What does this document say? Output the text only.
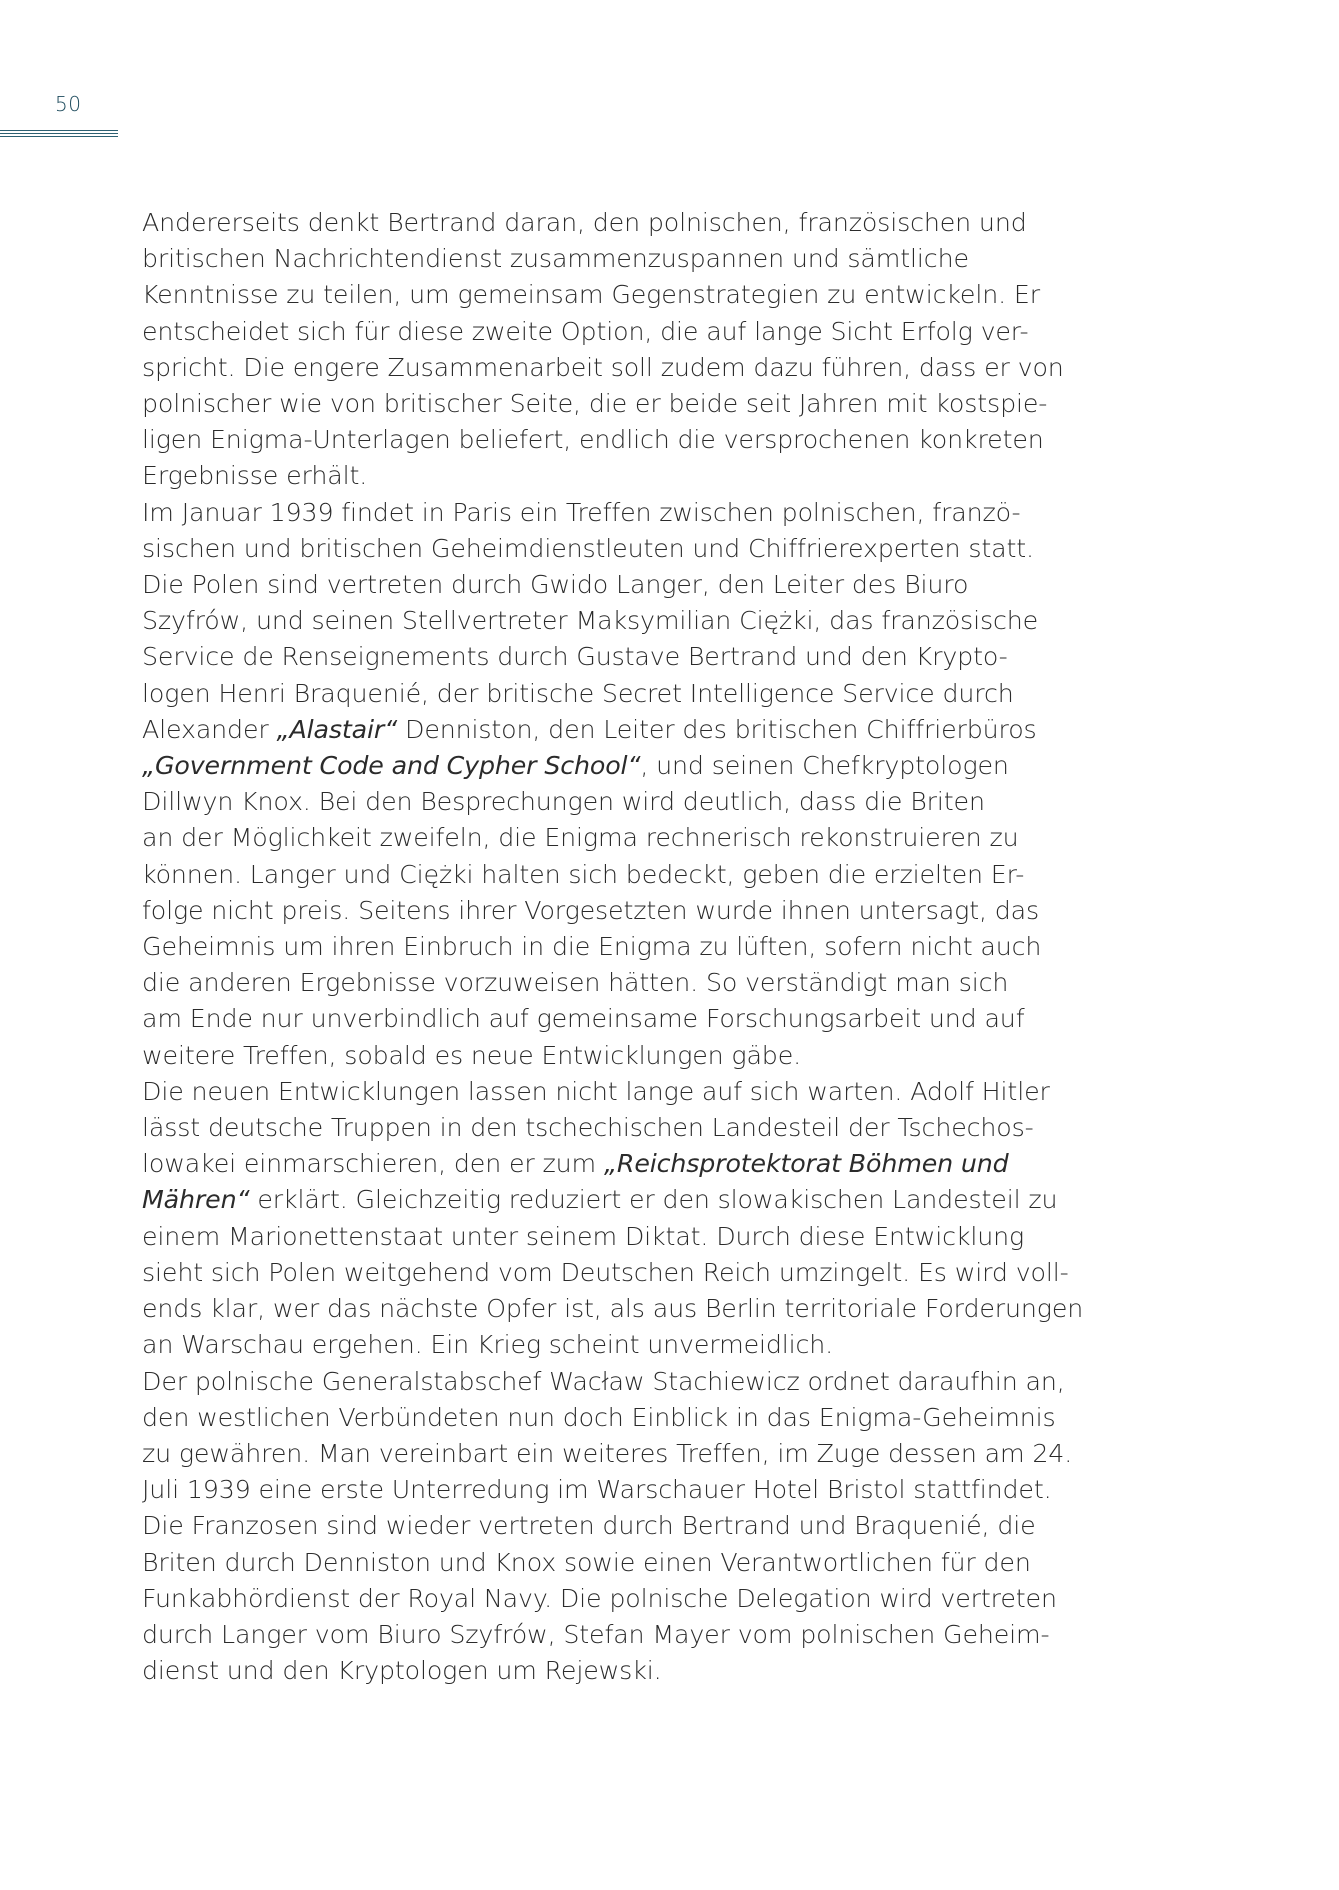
50
Andererseits denkt Bertrand daran, den polnischen, französischen und
britischen Nachrichtendienst zusammenzuspannen und sämtliche
Kenntnisse zu teilen, um gemeinsam Gegenstrategien zu entwickeln. Er
entscheidet sich für diese zweite Option, die auf lange Sicht Erfolg ver-
spricht. Die engere Zusammenarbeit soll zudem dazu führen, dass er von
polnischer wie von britischer Seite, die er beide seit Jahren mit kostspie-
ligen Enigma-Unterlagen beliefert, endlich die versprochenen konkreten
Ergebnisse erhält.
Im Januar 1939 findet in Paris ein Treffen zwischen polnischen, franzö-
sischen und britischen Geheimdienstleuten und Chiffrierexperten statt.
Die Polen sind vertreten durch Gwido Langer, den Leiter des Biuro
Szyfrów, und seinen Stellvertreter Maksymilian Ciężki, das französische
Service de Renseignements durch Gustave Bertrand und den Krypto-
logen Henri Braquenié, der britische Secret Intelligence Service durch
Alexander „Alastair“ Denniston, den Leiter des britischen Chiffrierbüros
„Government Code and Cypher School“, und seinen Chefkryptologen
Dillwyn Knox. Bei den Besprechungen wird deutlich, dass die Briten
an der Möglichkeit zweifeln, die Enigma rechnerisch rekonstruieren zu
können. Langer und Ciężki halten sich bedeckt, geben die erzielten Er-
folge nicht preis. Seitens ihrer Vorgesetzten wurde ihnen untersagt, das
Geheimnis um ihren Einbruch in die Enigma zu lüften, sofern nicht auch
die anderen Ergebnisse vorzuweisen hätten. So verständigt man sich
am Ende nur unverbindlich auf gemeinsame Forschungsarbeit und auf
weitere Treffen, sobald es neue Entwicklungen gäbe.
Die neuen Entwicklungen lassen nicht lange auf sich warten. Adolf Hitler
lässt deutsche Truppen in den tschechischen Landesteil der Tschechos-
lowakei einmarschieren, den er zum „Reichsprotektorat Böhmen und
Mähren“ erklärt. Gleichzeitig reduziert er den slowakischen Landesteil zu
einem Marionettenstaat unter seinem Diktat. Durch diese Entwicklung
sieht sich Polen weitgehend vom Deutschen Reich umzingelt. Es wird voll-
ends klar, wer das nächste Opfer ist, als aus Berlin territoriale Forderungen
an Warschau ergehen. Ein Krieg scheint unvermeidlich.
Der polnische Generalstabschef Wacław Stachiewicz ordnet daraufhin an,
den westlichen Verbündeten nun doch Einblick in das Enigma-Geheimnis
zu gewähren. Man vereinbart ein weiteres Treffen, im Zuge dessen am 24.
Juli 1939 eine erste Unterredung im Warschauer Hotel Bristol stattfindet.
Die Franzosen sind wieder vertreten durch Bertrand und Braquenié, die
Briten durch Denniston und Knox sowie einen Verantwortlichen für den
Funkabhördienst der Royal Navy. Die polnische Delegation wird vertreten
durch Langer vom Biuro Szyfrów, Stefan Mayer vom polnischen Geheim-
dienst und den Kryptologen um Rejewski.
